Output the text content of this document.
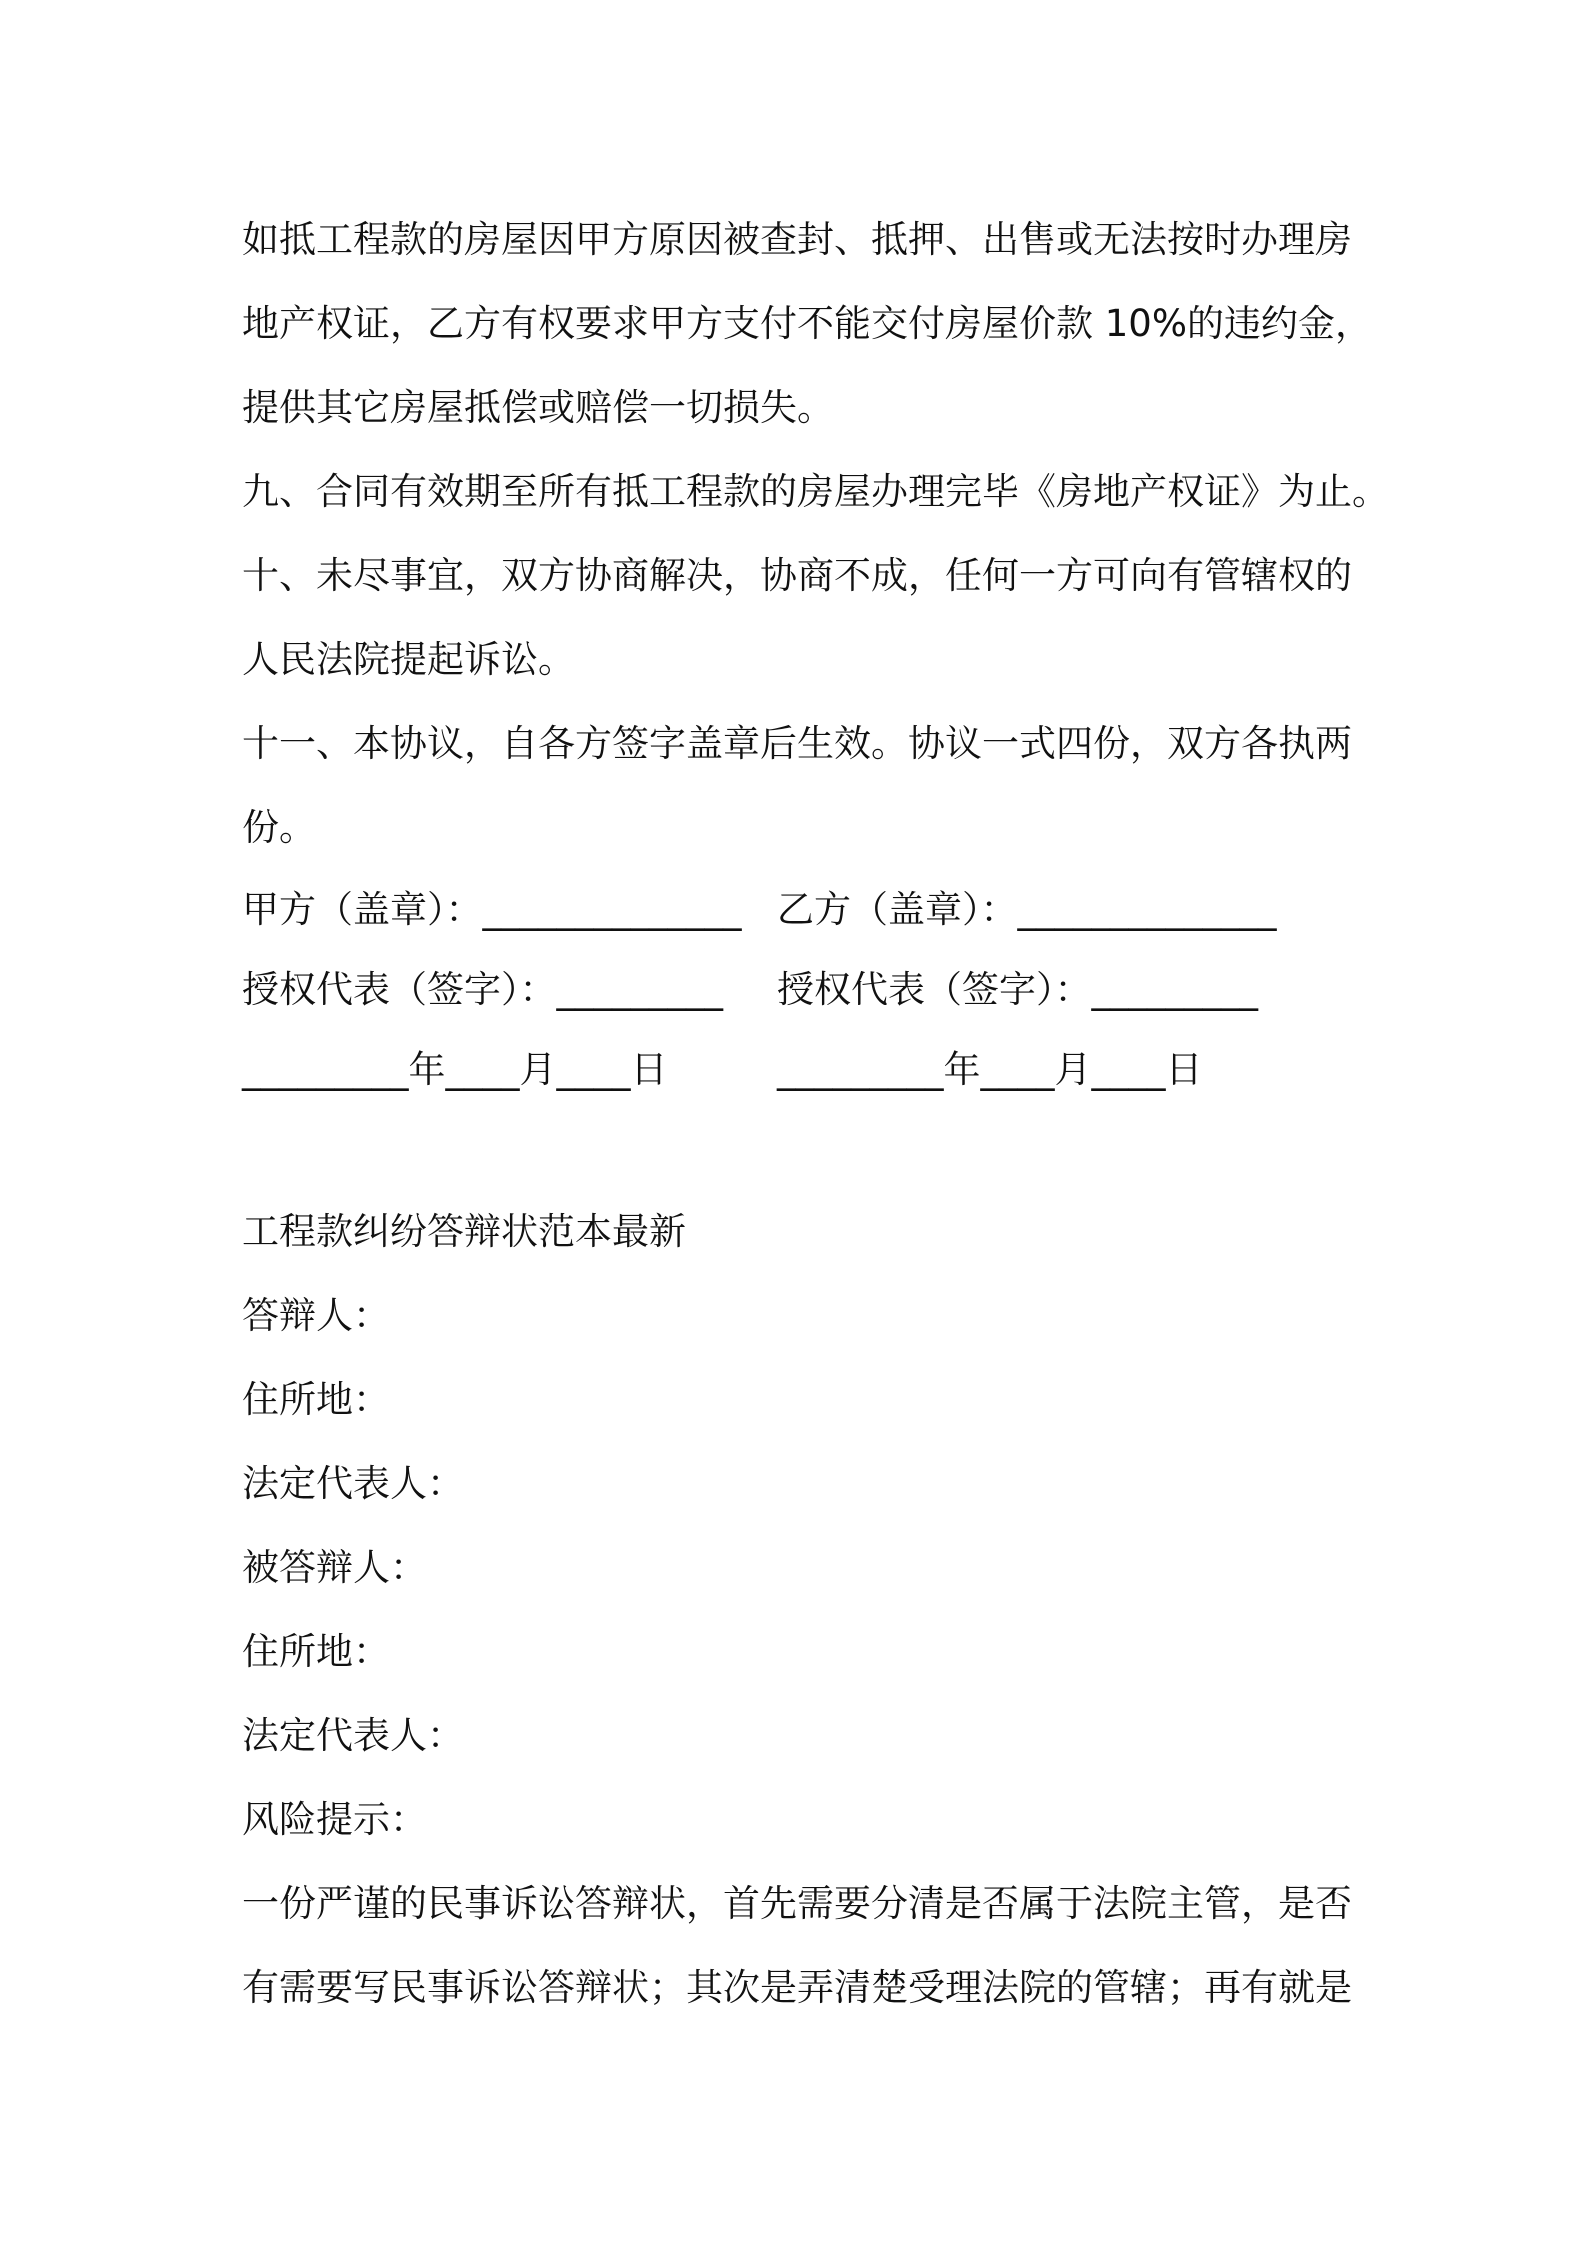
如抵工程款的房屋因甲方原因被查封、抵押、出售或无法按时办理房

地产权证，乙方有权要求甲方支付不能交付房屋价款 10%的违约金，

提供其它房屋抵偿或赔偿一切损失。

九、合同有效期至所有抵工程款的房屋办理完毕《房地产权证》为止。

十、未尽事宜，双方协商解决，协商不成，任何一方可向有管辖权的

人民法院提起诉讼。

十一、本协议，自各方签字盖章后生效。协议一式四份，双方各执两

份。

甲方（盖章）：______________ 乙方（盖章）：______________
授权代表（签字）：_________	授权代表（签字）：_________
_________年____月____日	_________年____月____日
工程款纠纷答辩状范本最新

答辩人：

住所地：

法定代表人：

被答辩人：

住所地：

法定代表人：

风险提示：

一份严谨的民事诉讼答辩状，首先需要分清是否属于法院主管，是否

有需要写民事诉讼答辩状；其次是弄清楚受理法院的管辖；再有就是
